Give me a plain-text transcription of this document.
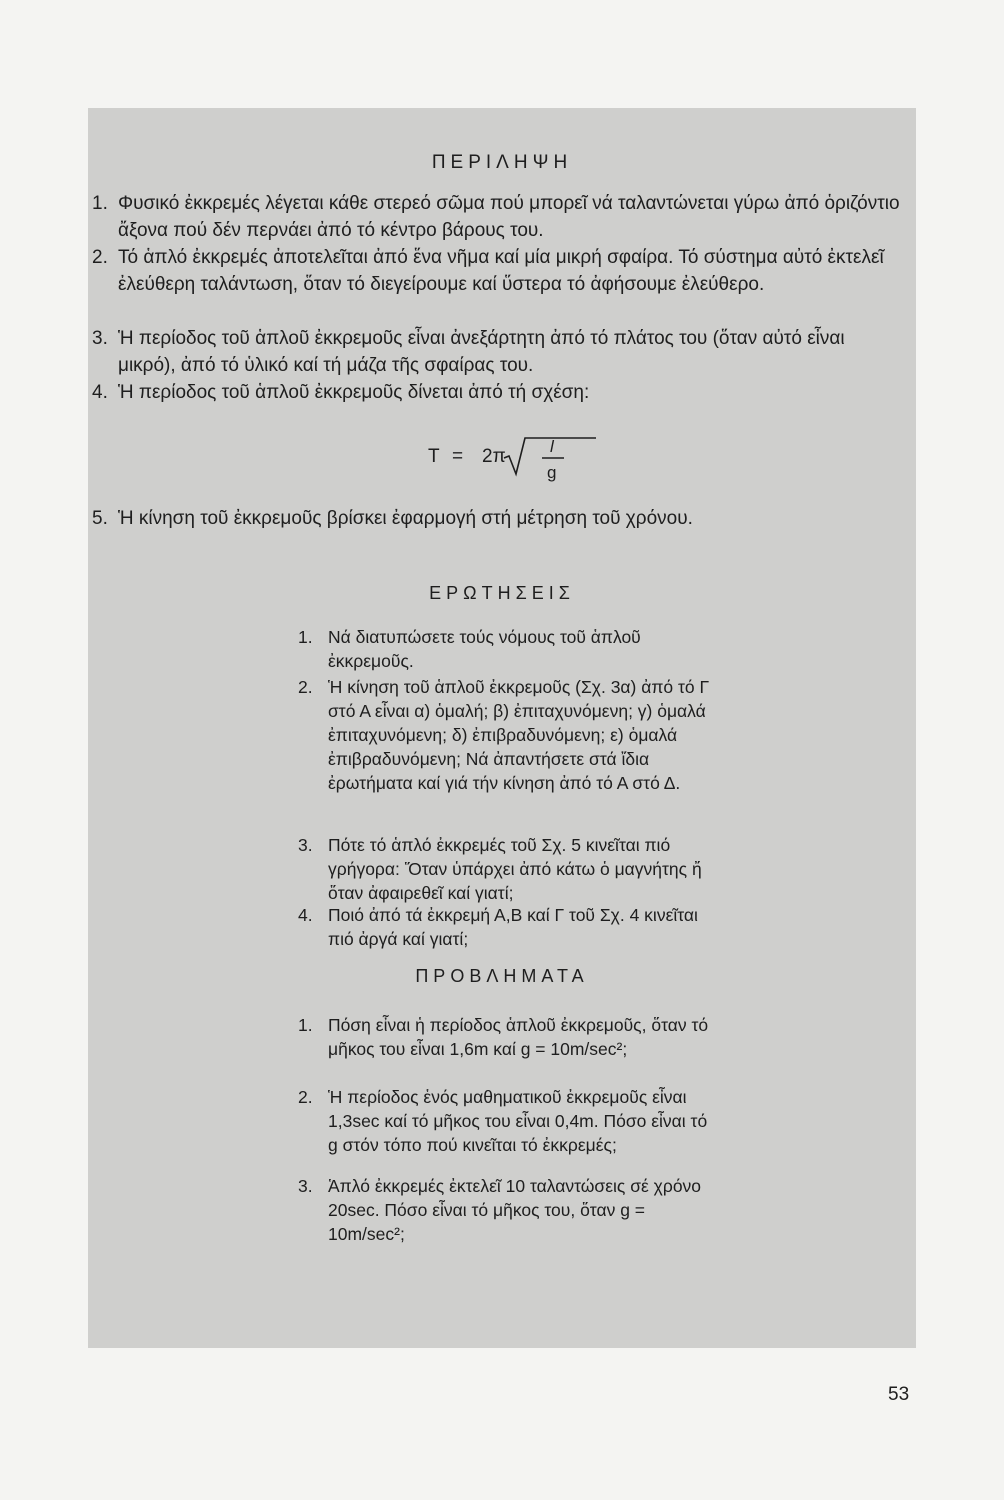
ΠΕΡΙΛΗΨΗ
1. Φυσικό ἐκκρεμές λέγεται κάθε στερεό σῶμα πού μπορεῖ νά ταλαντώνεται γύρω ἀπό ὁριζόντιο ἄξονα πού δέν περνάει ἀπό τό κέντρο βάρους του.
2. Τό ἁπλό ἐκκρεμές ἀποτελεῖται ἀπό ἕνα νῆμα καί μία μικρή σφαίρα. Τό σύστημα αὐτό ἐκτελεῖ ἐλεύθερη ταλάντωση, ὅταν τό διεγείρουμε καί ὕστερα τό ἀφήσουμε ἐλεύθερο.
3. Ἡ περίοδος τοῦ ἁπλοῦ ἐκκρεμοῦς εἶναι ἀνεξάρτητη ἀπό τό πλάτος του (ὅταν αὐτό εἶναι μικρό), ἀπό τό ὑλικό καί τή μάζα τῆς σφαίρας του.
4. Ἡ περίοδος τοῦ ἁπλοῦ ἐκκρεμοῦς δίνεται ἀπό τή σχέση:
T = 2π	l
g
5. Ἡ κίνηση τοῦ ἐκκρεμοῦς βρίσκει ἐφαρμογή στή μέτρηση τοῦ χρόνου.
ΕΡΩΤΗΣΕΙΣ
1. Νά διατυπώσετε τούς νόμους τοῦ ἁπλοῦ ἐκκρεμοῦς.
2. Ἡ κίνηση τοῦ ἁπλοῦ ἐκκρεμοῦς (Σχ. 3α) ἀπό τό Γ στό Α εἶναι α) ὁμαλή; β) ἐπιταχυνόμενη; γ) ὁμαλά ἐπιταχυνόμενη; δ) ἐπιβραδυνόμενη; ε) ὁμαλά ἐπιβραδυνόμενη; Νά ἀπαντήσετε στά ἴδια ἐρωτήματα καί γιά τήν κίνηση ἀπό τό Α στό Δ.
3. Πότε τό ἁπλό ἐκκρεμές τοῦ Σχ. 5 κινεῖται πιό γρήγορα: Ὅταν ὑπάρχει ἀπό κάτω ὁ μαγνήτης ἤ ὅταν ἀφαιρεθεῖ καί γιατί;
4. Ποιό ἀπό τά ἐκκρεμή Α,Β καί Γ τοῦ Σχ. 4 κινεῖται πιό ἀργά καί γιατί;
ΠΡΟΒΛΗΜΑΤΑ
1. Πόση εἶναι ἡ περίοδος ἁπλοῦ ἐκκρεμοῦς, ὅταν τό μῆκος του εἶναι 1,6m καί g = 10m/sec²;
2. Ἡ περίοδος ἑνός μαθηματικοῦ ἐκκρεμοῦς εἶναι 1,3sec καί τό μῆκος του εἶναι 0,4m. Πόσο εἶναι τό g στόν τόπο πού κινεῖται τό ἐκκρεμές;
3. Ἁπλό ἐκκρεμές ἐκτελεῖ 10 ταλαντώσεις σέ χρόνο 20sec. Πόσο εἶναι τό μῆκος του, ὅταν g = 10m/sec²;
53
